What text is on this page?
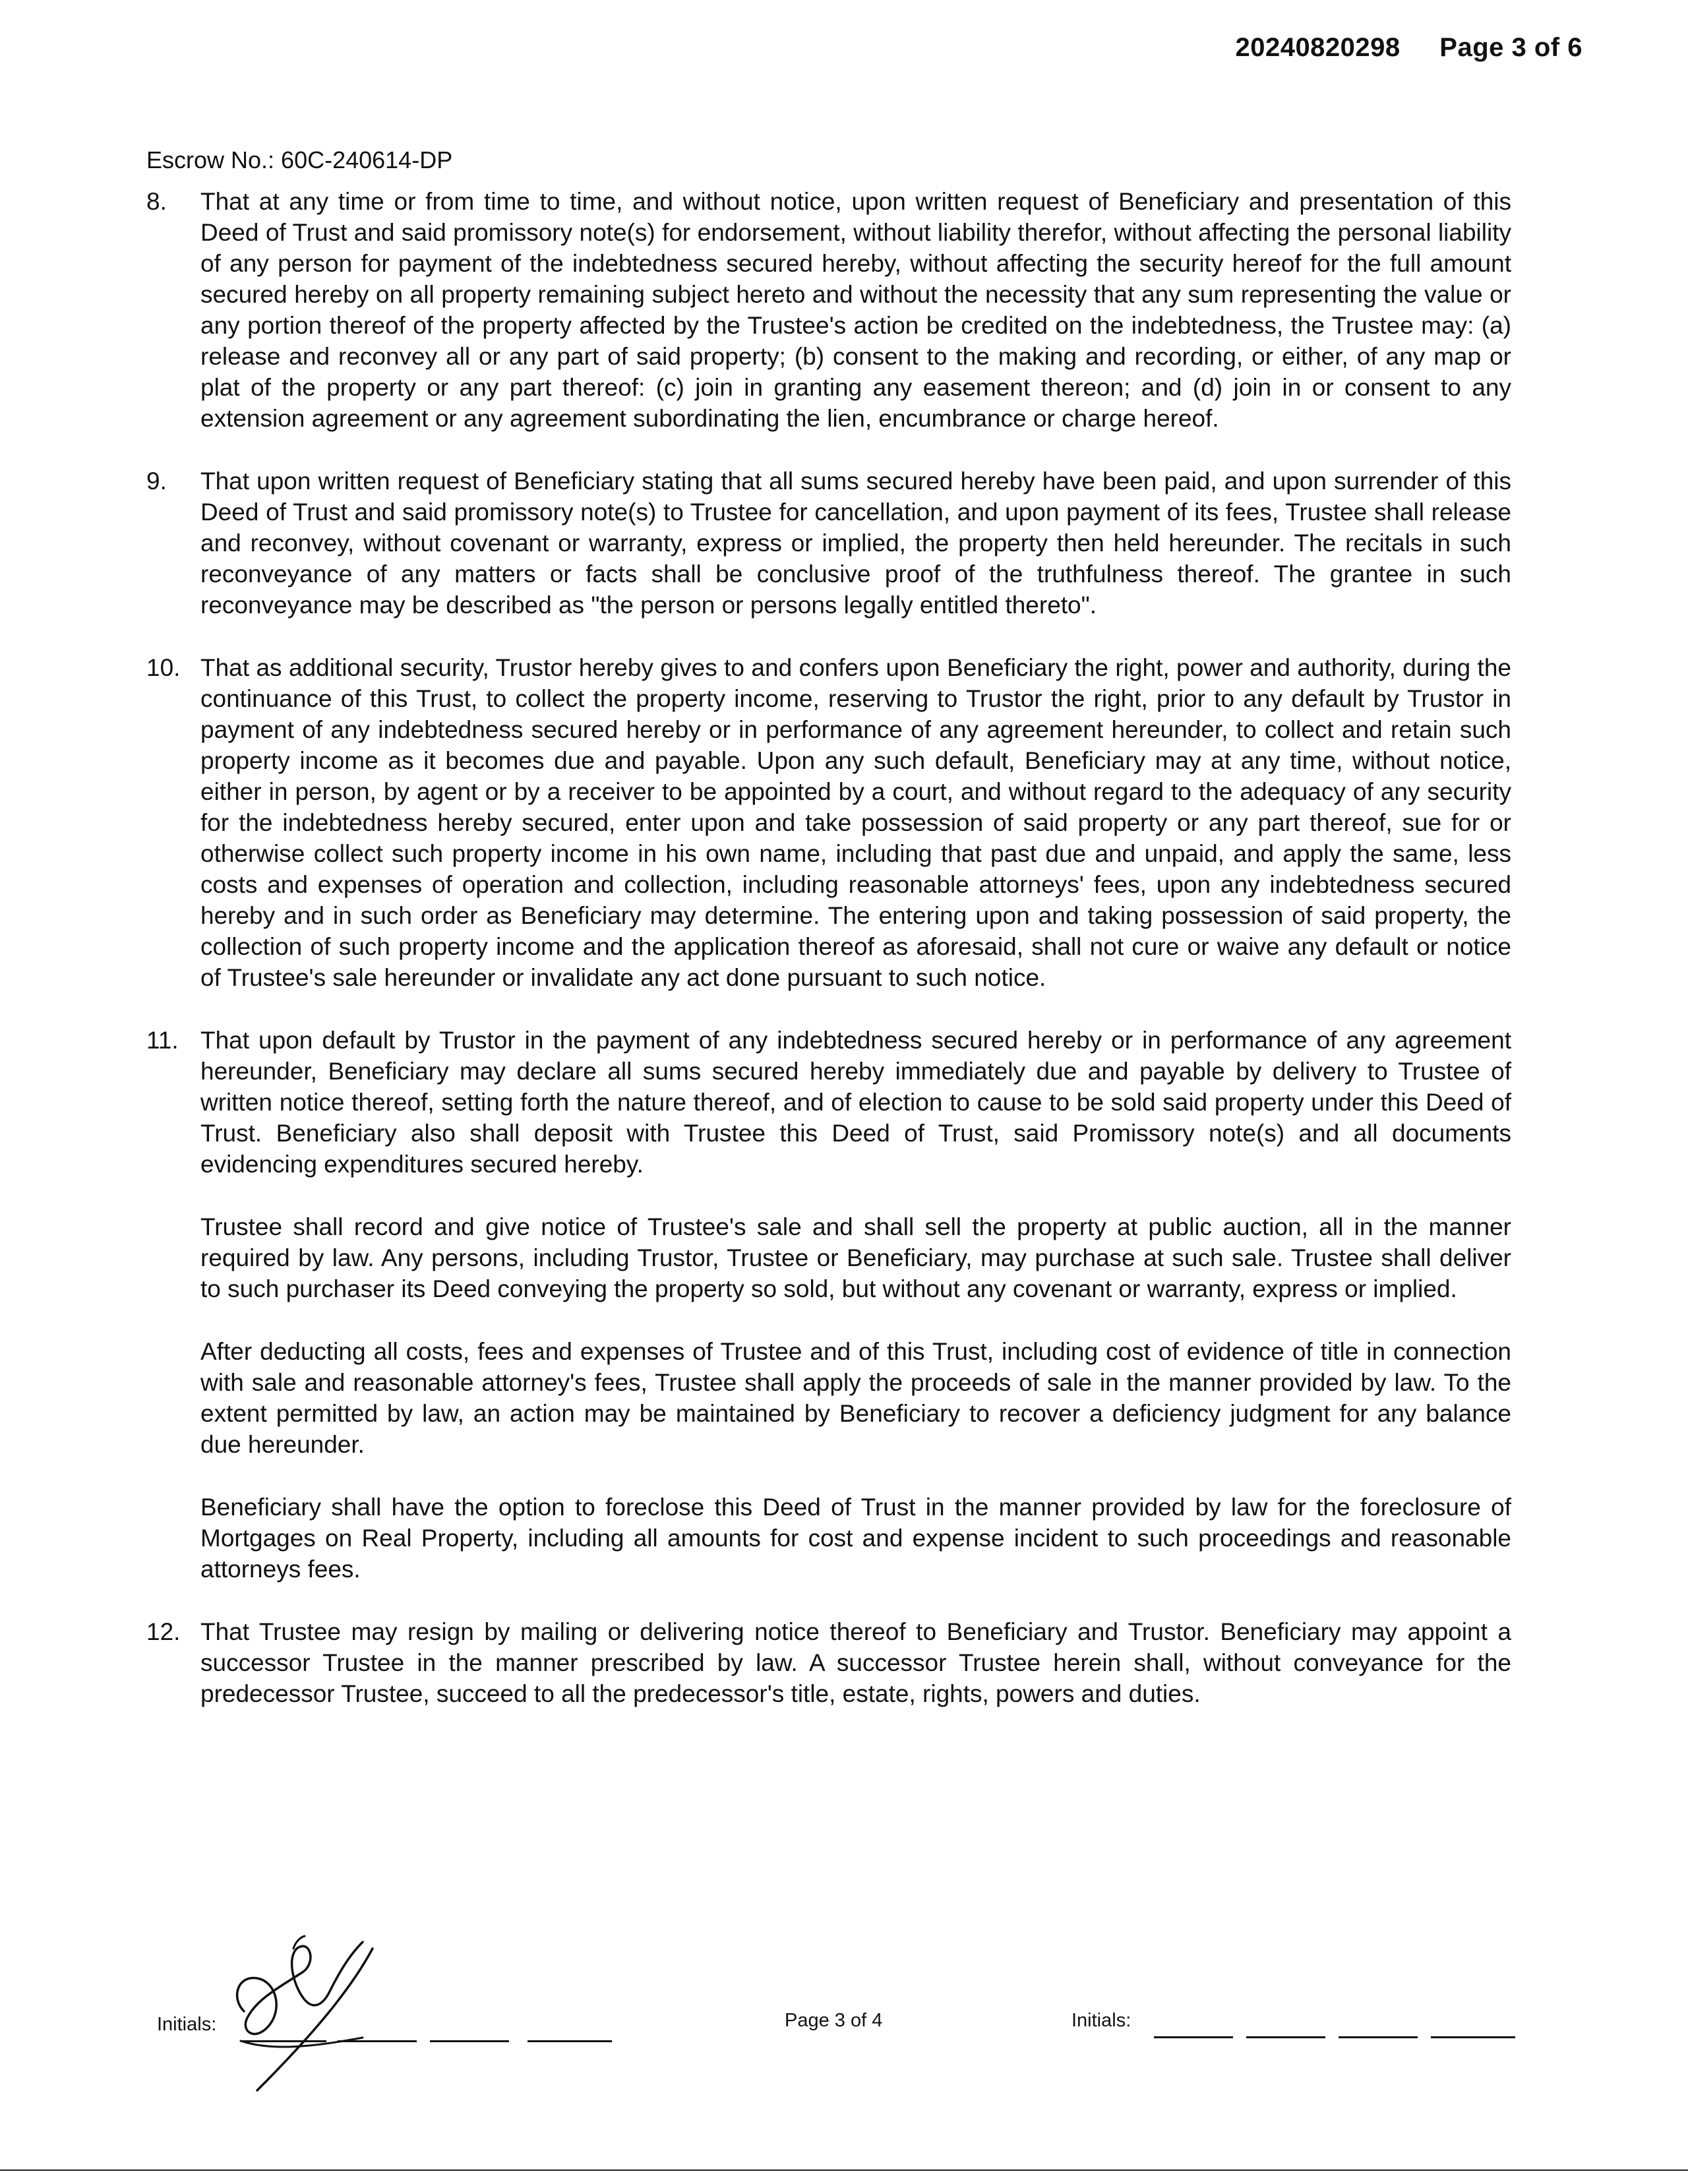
20240820298 Page 3 of 6
Escrow No.: 60C-240614-DP
8.	That at any time or from time to time, and without notice, upon written request of Beneficiary and presentation of this Deed of Trust and said promissory note(s) for endorsement, without liability therefor, without affecting the personal liability of any person for payment of the indebtedness secured hereby, without affecting the security hereof for the full amount secured hereby on all property remaining subject hereto and without the necessity that any sum representing the value or any portion thereof of the property affected by the Trustee's action be credited on the indebtedness, the Trustee may: (a) release and reconvey all or any part of said property; (b) consent to the making and recording, or either, of any map or plat of the property or any part thereof: (c) join in granting any easement thereon; and (d) join in or consent to any extension agreement or any agreement subordinating the lien, encumbrance or charge hereof.
9.	That upon written request of Beneficiary stating that all sums secured hereby have been paid, and upon surrender of this Deed of Trust and said promissory note(s) to Trustee for cancellation, and upon payment of its fees, Trustee shall release and reconvey, without covenant or warranty, express or implied, the property then held hereunder. The recitals in such reconveyance of any matters or facts shall be conclusive proof of the truthfulness thereof. The grantee in such reconveyance may be described as "the person or persons legally entitled thereto".
10. That as additional security, Trustor hereby gives to and confers upon Beneficiary the right, power and authority, during the continuance of this Trust, to collect the property income, reserving to Trustor the right, prior to any default by Trustor in payment of any indebtedness secured hereby or in performance of any agreement hereunder, to collect and retain such property income as it becomes due and payable. Upon any such default, Beneficiary may at any time, without notice, either in person, by agent or by a receiver to be appointed by a court, and without regard to the adequacy of any security for the indebtedness hereby secured, enter upon and take possession of said property or any part thereof, sue for or otherwise collect such property income in his own name, including that past due and unpaid, and apply the same, less costs and expenses of operation and collection, including reasonable attorneys' fees, upon any indebtedness secured hereby and in such order as Beneficiary may determine. The entering upon and taking possession of said property, the collection of such property income and the application thereof as aforesaid, shall not cure or waive any default or notice of Trustee's sale hereunder or invalidate any act done pursuant to such notice.
11. That upon default by Trustor in the payment of any indebtedness secured hereby or in performance of any agreement hereunder, Beneficiary may declare all sums secured hereby immediately due and payable by delivery to Trustee of written notice thereof, setting forth the nature thereof, and of election to cause to be sold said property under this Deed of Trust. Beneficiary also shall deposit with Trustee this Deed of Trust, said Promissory note(s) and all documents evidencing expenditures secured hereby.
Trustee shall record and give notice of Trustee's sale and shall sell the property at public auction, all in the manner required by law. Any persons, including Trustor, Trustee or Beneficiary, may purchase at such sale. Trustee shall deliver to such purchaser its Deed conveying the property so sold, but without any covenant or warranty, express or implied.
After deducting all costs, fees and expenses of Trustee and of this Trust, including cost of evidence of title in connection with sale and reasonable attorney's fees, Trustee shall apply the proceeds of sale in the manner provided by law. To the extent permitted by law, an action may be maintained by Beneficiary to recover a deficiency judgment for any balance due hereunder.
Beneficiary shall have the option to foreclose this Deed of Trust in the manner provided by law for the foreclosure of Mortgages on Real Property, including all amounts for cost and expense incident to such proceedings and reasonable attorneys fees.
12. That Trustee may resign by mailing or delivering notice thereof to Beneficiary and Trustor. Beneficiary may appoint a successor Trustee in the manner prescribed by law. A successor Trustee herein shall, without conveyance for the predecessor Trustee, succeed to all the predecessor's title, estate, rights, powers and duties.
Initials:	Page 3 of 4	Initials:
